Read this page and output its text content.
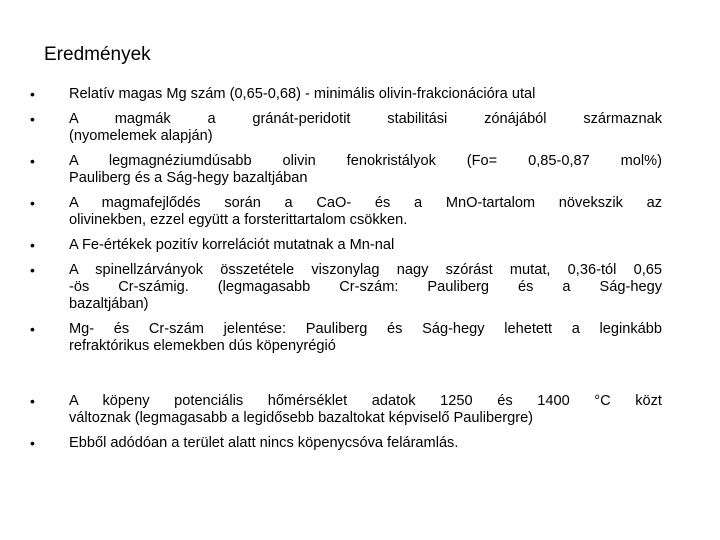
Eredmények
• Relatív magas Mg szám (0,65-0,68) - minimális olivin-frakcionációra utal
• A magmák a gránát-peridotit stabilitási zónájából származnak
(nyomelemek alapján)
• A legmagnéziumdúsabb olivin fenokristályok (Fo= 0,85-0,87 mol%)
Pauliberg és a Ság-hegy bazaltjában
• A magmafejlődés során a CaO- és a MnO-tartalom növekszik az
olivinekben, ezzel együtt a forsterittartalom csökken.
• A Fe-értékek pozitív korrelációt mutatnak a Mn-nal
• A spinellzárványok összetétele viszonylag nagy szórást mutat, 0,36-tól 0,65
-ös Cr-számig. (legmagasabb Cr-szám: Pauliberg és a Ság-hegy
bazaltjában)
• Mg- és Cr-szám jelentése: Pauliberg és Ság-hegy lehetett a leginkább
refraktórikus elemekben dús köpenyrégió
• A köpeny potenciális hőmérséklet adatok 1250 és 1400 °C közt
változnak (legmagasabb a legidősebb bazaltokat képviselő Paulibergre)
• Ebből adódóan a terület alatt nincs köpenycsóva feláramlás.
